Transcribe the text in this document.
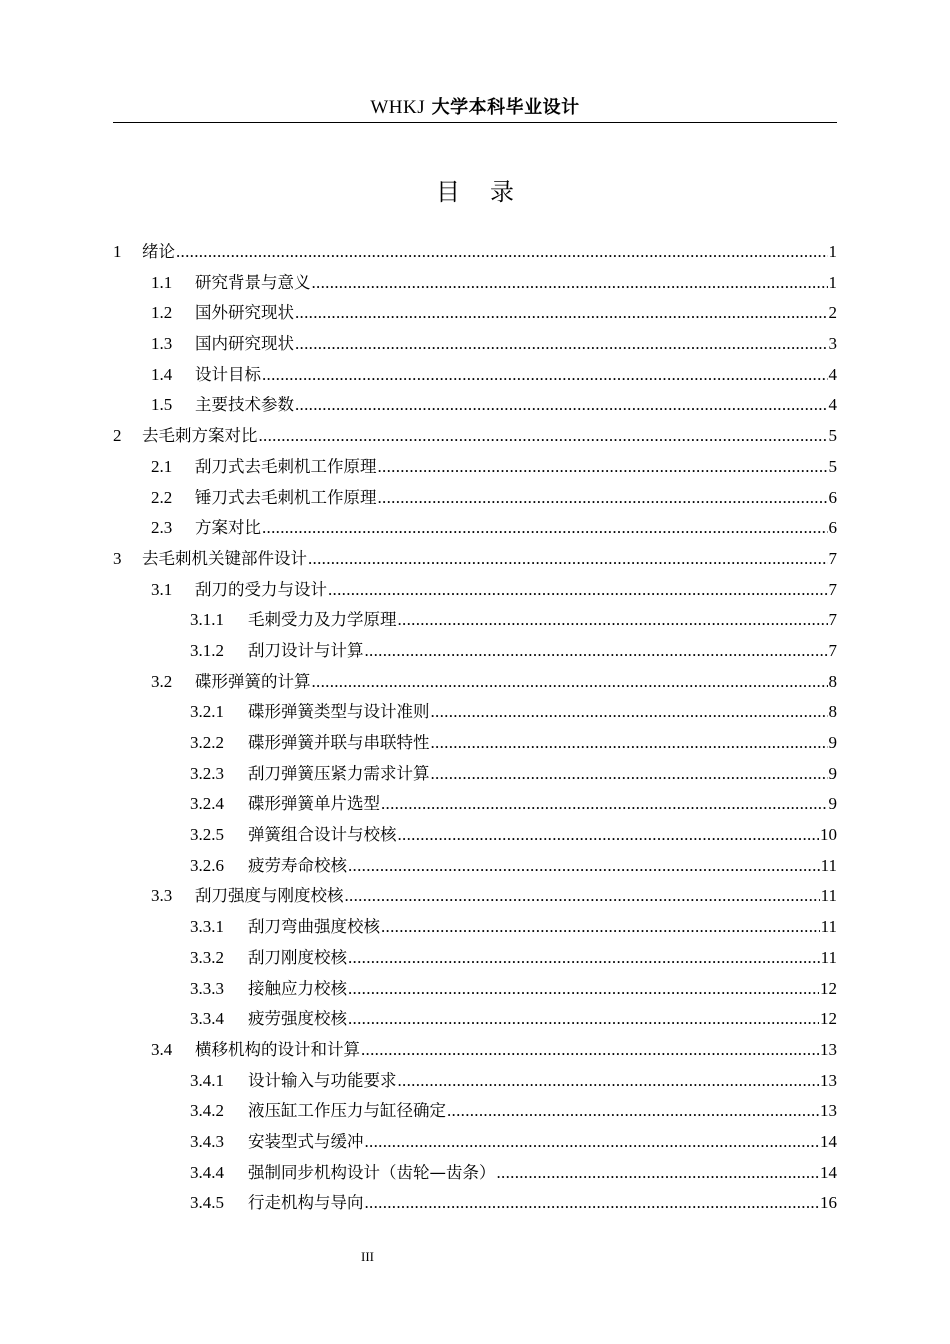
WHKJ 大学本科毕业设计
目录
1	绪论 .....	1
1.1	研究背景与意义 .....	1
1.2	国外研究现状 .....	2
1.3	国内研究现状 .....	3
1.4	设计目标 .....	4
1.5	主要技术参数 .....	4
2	去毛刺方案对比 .....	5
2.1	刮刀式去毛刺机工作原理 .....	5
2.2	锤刀式去毛刺机工作原理 .....	6
2.3	方案对比 .....	6
3	去毛刺机关键部件设计 .....	7
3.1	刮刀的受力与设计 .....	7
3.1.1	毛刺受力及力学原理 .....	7
3.1.2	刮刀设计与计算 .....	7
3.2	碟形弹簧的计算 .....	8
3.2.1	碟形弹簧类型与设计准则 .....	8
3.2.2	碟形弹簧并联与串联特性 .....	9
3.2.3	刮刀弹簧压紧力需求计算 .....	9
3.2.4	碟形弹簧单片选型 .....	9
3.2.5	弹簧组合设计与校核 .....	10
3.2.6	疲劳寿命校核 .....	11
3.3	刮刀强度与刚度校核 .....	11
3.3.1	刮刀弯曲强度校核 .....	11
3.3.2	刮刀刚度校核 .....	11
3.3.3	接触应力校核 .....	12
3.3.4	疲劳强度校核 .....	12
3.4	横移机构的设计和计算 .....	13
3.4.1	设计输入与功能要求 .....	13
3.4.2	液压缸工作压力与缸径确定 .....	13
3.4.3	安装型式与缓冲 .....	14
3.4.4	强制同步机构设计（齿轮—齿条） .....	14
3.4.5	行走机构与导向 .....	16
III
